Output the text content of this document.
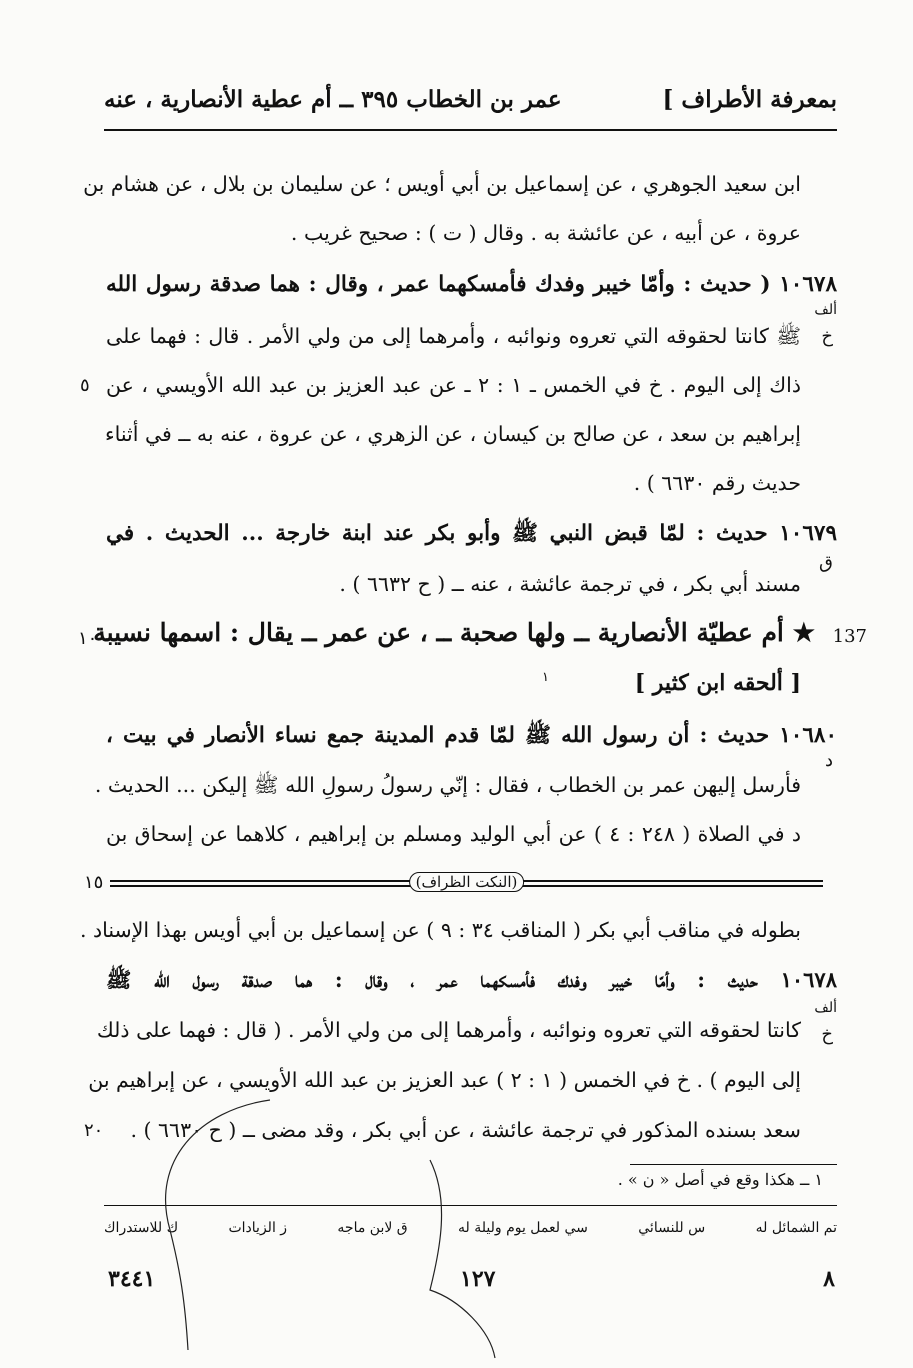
بمعرفة الأطراف ]
عمر بن الخطاب ٣٩٥ ــ أم عطية الأنصارية ، عنه
ابن سعيد الجوهري ، عن إسماعيل بن أبي أويس ؛ عن سليمان بن بلال ، عن هشام بن
عروة ، عن أبيه ، عن عائشة به . وقال ( ت ) : صحيح غريب .
١٠٦٧٨ ( حديث : وأمّا خيبر وفدك فأمسكهما عمر ، وقال : هما صدقة رسول الله
ألف
خ
ﷺ كانتا لحقوقه التي تعروه ونوائبه ، وأمرهما إلى من ولي الأمر . قال : فهما على
ذاك إلى اليوم . خ في الخمس ـ ١ : ٢ ـ عن عبد العزيز بن عبد الله الأويسي ، عن
٥
إبراهيم بن سعد ، عن صالح بن كيسان ، عن الزهري ، عن عروة ، عنه به ــ في أثناء
حديث رقم ٦٦٣٠ ) .
١٠٦٧٩ حديث : لمّا قبض النبي ﷺ وأبو بكر عند ابنة خارجة ... الحديث . في
ق
مسند أبي بكر ، في ترجمة عائشة ، عنه ــ ( ح ٦٦٣٢ ) .
137
★ أم عطيّة الأنصارية ــ ولها صحبة ــ ، عن عمر ــ يقال : اسمها نسيبة
١٠
[ ألحقه ابن كثير ]
١
١٠٦٨٠ حديث : أن رسول الله ﷺ لمّا قدم المدينة جمع نساء الأنصار في بيت ،
د
فأرسل إليهن عمر بن الخطاب ، فقال : إنّي رسولُ رسولِ الله ﷺ إليكن ... الحديث .
د في الصلاة ( ٢٤٨ : ٤ ) عن أبي الوليد ومسلم بن إبراهيم ، كلاهما عن إسحاق بن
١٥	(النكت الظراف)
بطوله في مناقب أبي بكر ( المناقب ٣٤ : ٩ ) عن إسماعيل بن أبي أويس بهذا الإسناد .
١٠٦٧٨ حديث : وأمّا خيبر وفدك فأمسكهما عمر ، وقال : هما صدقة رسول الله ﷺ
ألف
خ
كانتا لحقوقه التي تعروه ونوائبه ، وأمرهما إلى من ولي الأمر . ( قال : فهما على ذلك
إلى اليوم ) . خ في الخمس ( ١ : ٢ ) عبد العزيز بن عبد الله الأويسي ، عن إبراهيم بن
سعد بسنده المذكور في ترجمة عائشة ، عن أبي بكر ، وقد مضى ــ ( ح ٦٦٣٠ ) .
٢٠
١ ــ هكذا وقع في أصل « ن » .
تم الشمائل له
س للنسائي
سي لعمل يوم وليلة له
ق لابن ماجه
ز الزيادات
ك للاستدراك
٨
١٢٧
٣٤٤١
